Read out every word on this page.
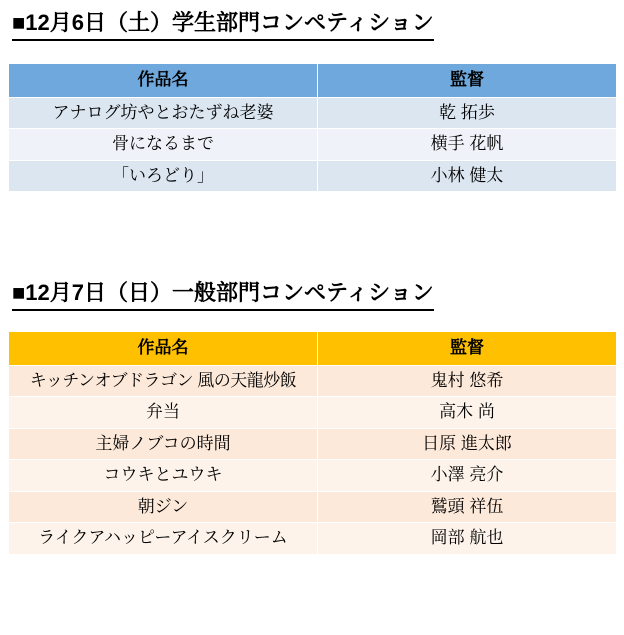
■12月6日（土）学生部門コンペティション
作品名	監督
アナログ坊やとおたずね老婆	乾 拓歩
骨になるまで	横手 花帆
「いろどり」	小林 健太
■12月7日（日）一般部門コンペティション
作品名	監督
キッチンオブドラゴン 風の天龍炒飯	鬼村 悠希
弁当	高木 尚
主婦ノブコの時間	日原 進太郎
コウキとユウキ	小澤 亮介
朝ジン	鷲頭 祥伍
ライクアハッピーアイスクリーム	岡部 航也
